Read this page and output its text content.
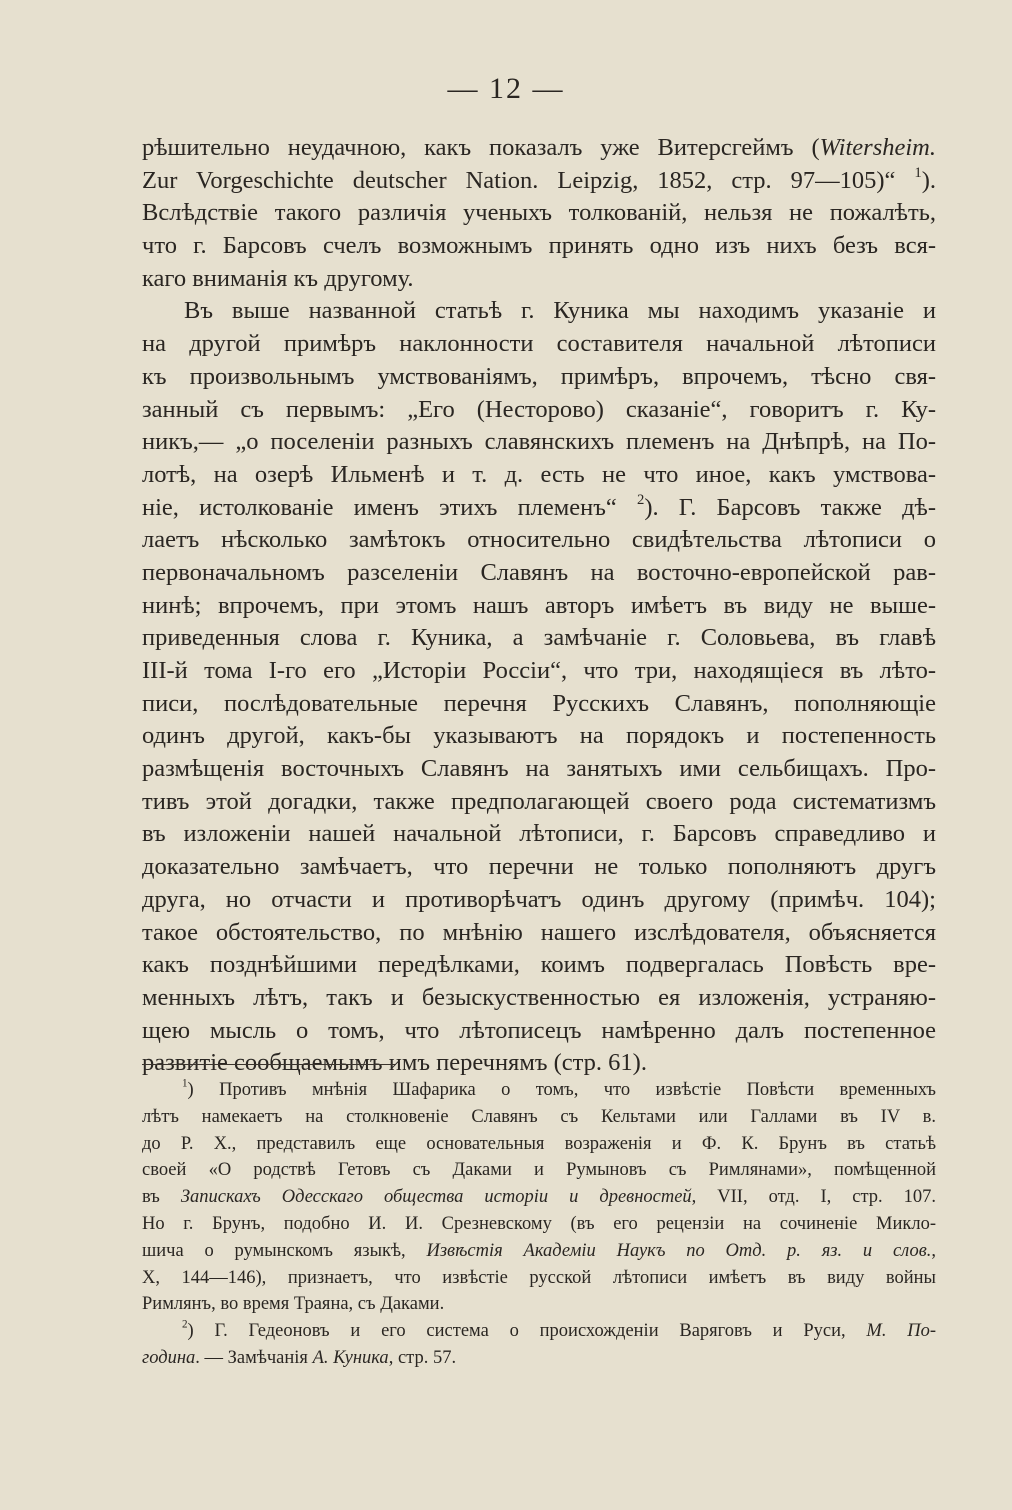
— 12 —
рѣшительно неудачною, какъ показалъ уже Витерсгеймъ (Witersheim.
Zur Vorgeschichte deutscher Nation. Leipzig, 1852, стр. 97—105)“ $^1$).
Вслѣдствіе такого различія ученыхъ толкованій, нельзя не пожалѣть,
что г. Барсовъ счелъ возможнымъ принять одно изъ нихъ безъ вся-
каго вниманія къ другому.
Въ выше названной статьѣ г. Куника мы находимъ указаніе и
на другой примѣръ наклонности составителя начальной лѣтописи
къ произвольнымъ умствованіямъ, примѣръ, впрочемъ, тѣсно свя-
занный съ первымъ: „Его (Несторово) сказаніе“, говоритъ г. Ку-
никъ,— „о поселеніи разныхъ славянскихъ племенъ на Днѣпрѣ, на По-
лотѣ, на озерѣ Ильменѣ и т. д. есть не что иное, какъ умствова-
ніе, истолкованіе именъ этихъ племенъ“ $^2$). Г. Барсовъ также дѣ-
лаетъ нѣсколько замѣтокъ относительно свидѣтельства лѣтописи о
первоначальномъ разселеніи Славянъ на восточно-европейской рав-
нинѣ; впрочемъ, при этомъ нашъ авторъ имѣетъ въ виду не выше-
приведенныя слова г. Куника, а замѣчаніе г. Соловьева, въ главѣ
III-й тома I-го его „Исторіи Россіи“, что три, находящіеся въ лѣто-
писи, послѣдовательные перечня Русскихъ Славянъ, пополняющіе
одинъ другой, какъ-бы указываютъ на порядокъ и постепенность
размѣщенія восточныхъ Славянъ на занятыхъ ими сельбищахъ. Про-
тивъ этой догадки, также предполагающей своего рода систематизмъ
въ изложеніи нашей начальной лѣтописи, г. Барсовъ справедливо и
доказательно замѣчаетъ, что перечни не только пополняютъ другъ
друга, но отчасти и противорѣчатъ одинъ другому (примѣч. 104);
такое обстоятельство, по мнѣнію нашего изслѣдователя, объясняется
какъ позднѣйшими передѣлками, коимъ подвергалась Повѣсть вре-
менныхъ лѣтъ, такъ и безыскуственностью ея изложенія, устраняю-
щею мысль о томъ, что лѣтописецъ намѣренно далъ постепенное
развитіе сообщаемымъ имъ перечнямъ (стр. 61).
$^1$) Противъ мнѣнія Шафарика о томъ, что извѣстіе Повѣсти временныхъ
лѣтъ намекаетъ на столкновеніе Славянъ съ Кельтами или Галлами въ IV в.
до Р. Х., представилъ еще основательныя возраженія и Ф. К. Брунъ въ статьѣ
своей «О родствѣ Гетовъ съ Даками и Румыновъ съ Римлянами», помѣщенной
въ Запискахъ Одесскаго общества исторіи и древностей, VII, отд. I, стр. 107.
Но г. Брунъ, подобно И. И. Срезневскому (въ его рецензіи на сочиненіе Микло-
шича о румынскомъ языкѣ, Извѣстія Академіи Наукъ по Отд. р. яз. и слов.,
X, 144—146), признаетъ, что извѣстіе русской лѣтописи имѣетъ въ виду войны
Римлянъ, во время Траяна, съ Даками.
$^2$) Г. Гедеоновъ и его система о происхожденіи Варяговъ и Руси, М. По-
година. — Замѣчанія А. Куника, стр. 57.
